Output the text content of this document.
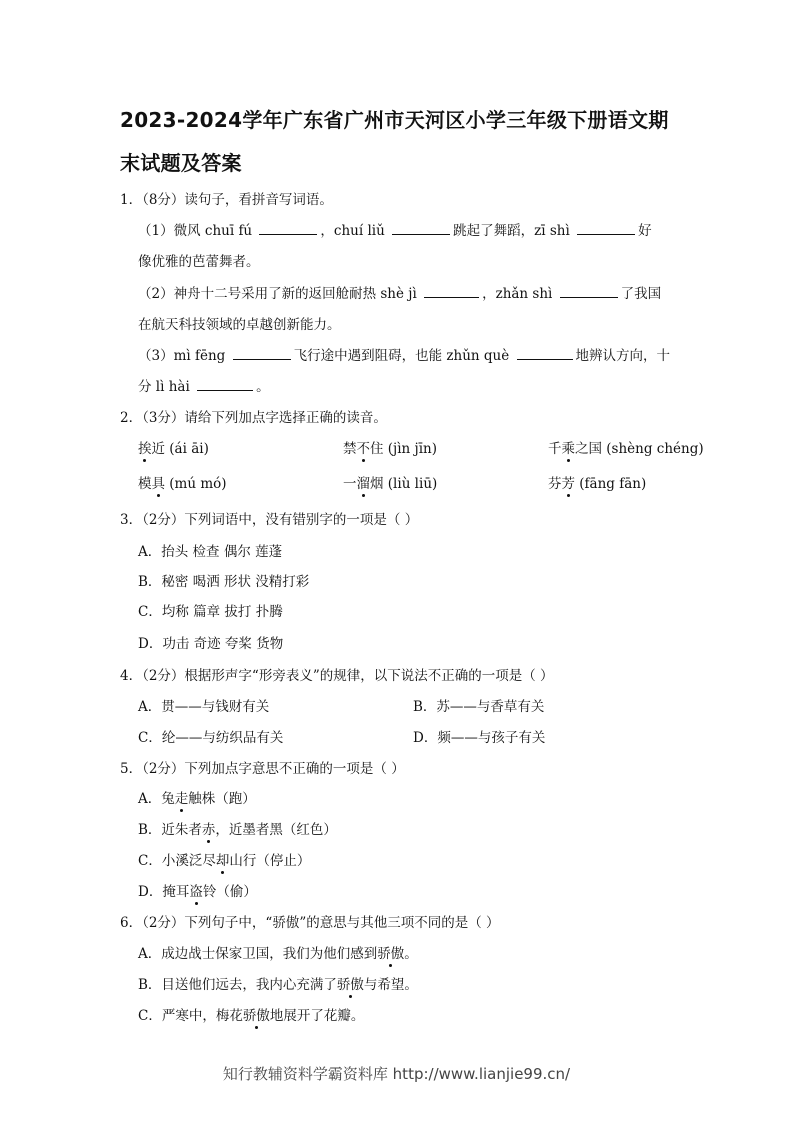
2023-2024学年广东省广州市天河区小学三年级下册语文期
末试题及答案
1．（8分）读句子，看拼音写词语。
（1）微风 chuī fú	，chuí liǔ	跳起了舞蹈，zī shì	好
像优雅的芭蕾舞者。
（2）神舟十二号采用了新的返回舱耐热 shè jì	，zhǎn shì	了我国
在航天科技领域的卓越创新能力。
（3）mì fēng	飞行途中遇到阻碍，也能 zhǔn què	地辨认方向，十
分 lì hài	。
2．（3分）请给下列加点字选择正确的读音。
挨近 (ái āi)	禁不住 (jìn jīn)	千乘之国 (shèng chéng)
模具 (mú mó)	一溜烟 (liù liū)	芬芳 (fāng fān)
3．（2分）下列词语中，没有错别字的一项是（ ）
A．抬头 检查 偶尔 莲蓬
B．秘密 喝洒 形状 没精打彩
C．均称 篇章 拔打 扑腾
D．功击 奇迹 夸桨 货物
4．（2分）根据形声字“形旁表义”的规律，以下说法不正确的一项是（ ）
A．贯——与钱财有关	B．苏——与香草有关
C．纶——与纺织品有关	D．频——与孩子有关
5．（2分）下列加点字意思不正确的一项是（ ）
A．兔走触株（跑）
B．近朱者赤，近墨者黑（红色）
C．小溪泛尽却山行（停止）
D．掩耳盗铃（偷）
6．（2分）下列句子中，“骄傲”的意思与其他三项不同的是（ ）
A．成边战士保家卫国，我们为他们感到骄傲。
B．目送他们远去，我内心充满了骄傲与希望。
C．严寒中，梅花骄傲地展开了花瓣。
知行教辅资料学霸资料库 http://www.lianjie99.cn/
